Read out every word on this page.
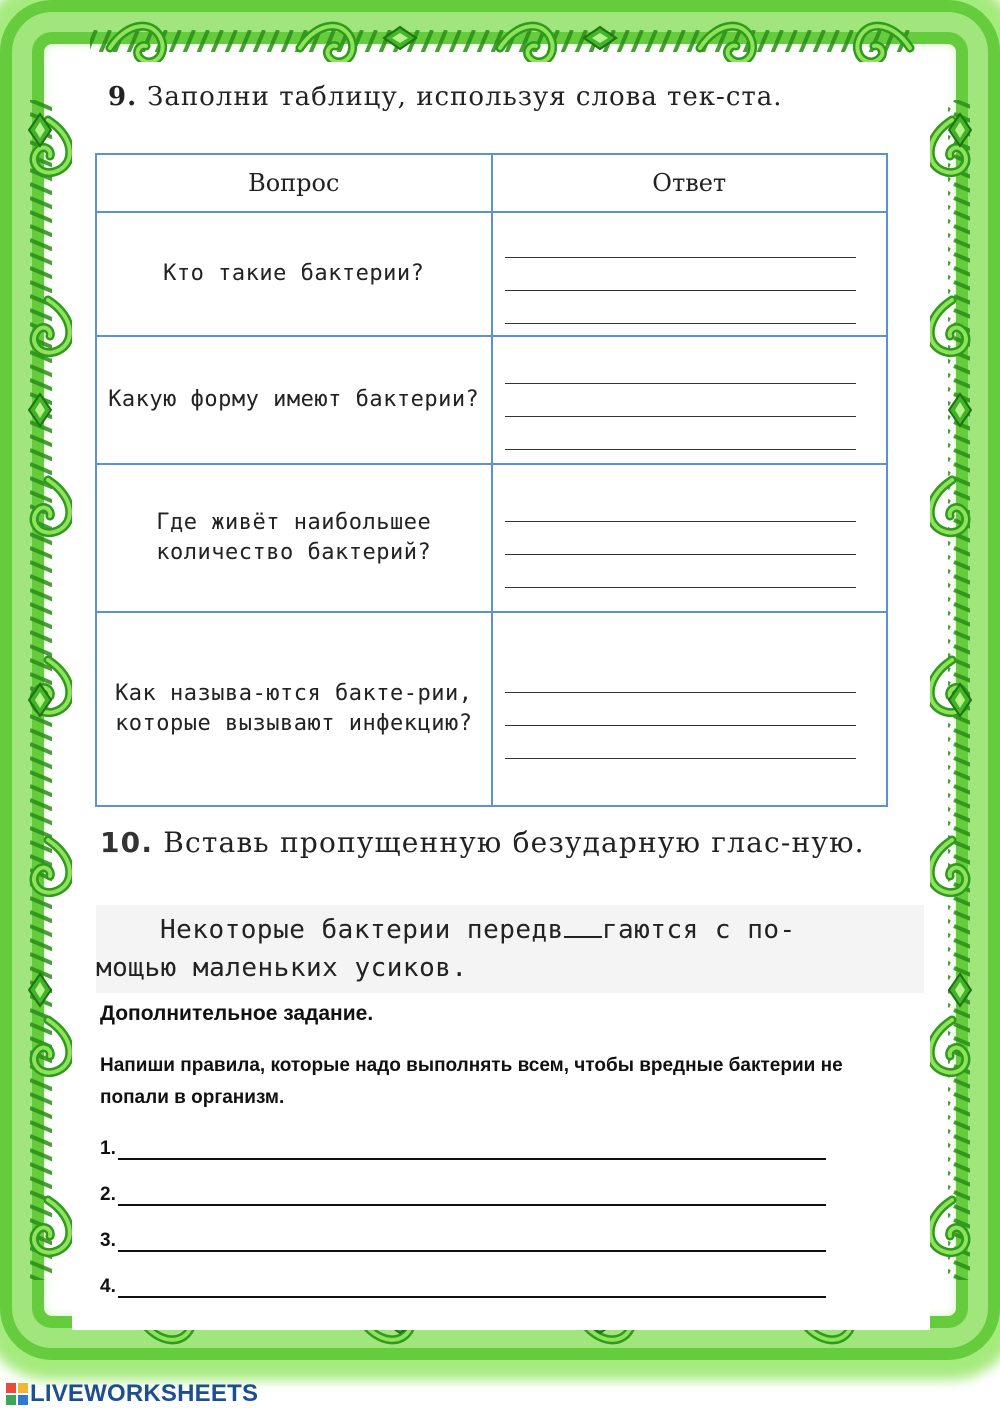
9. Заполни таблицу, используя слова тек-ста.
Вопрос	Ответ
Кто такие бактерии?	

Какую форму имеют бактерии?	

Где живёт наибольшее количество бактерий?	

Как называ-ются бакте-рии, которые вызывают инфекцию?	
10. Вставь пропущенную безударную глас-ную.
Некоторые бактерии передв гаются с по-
мощью маленьких усиков.
Дополнительное задание.
Напиши правила, которые надо выполнять всем, чтобы вредные бактерии не попали в организм.
1.
2.
3.
4.
LIVEWORKSHEETS
